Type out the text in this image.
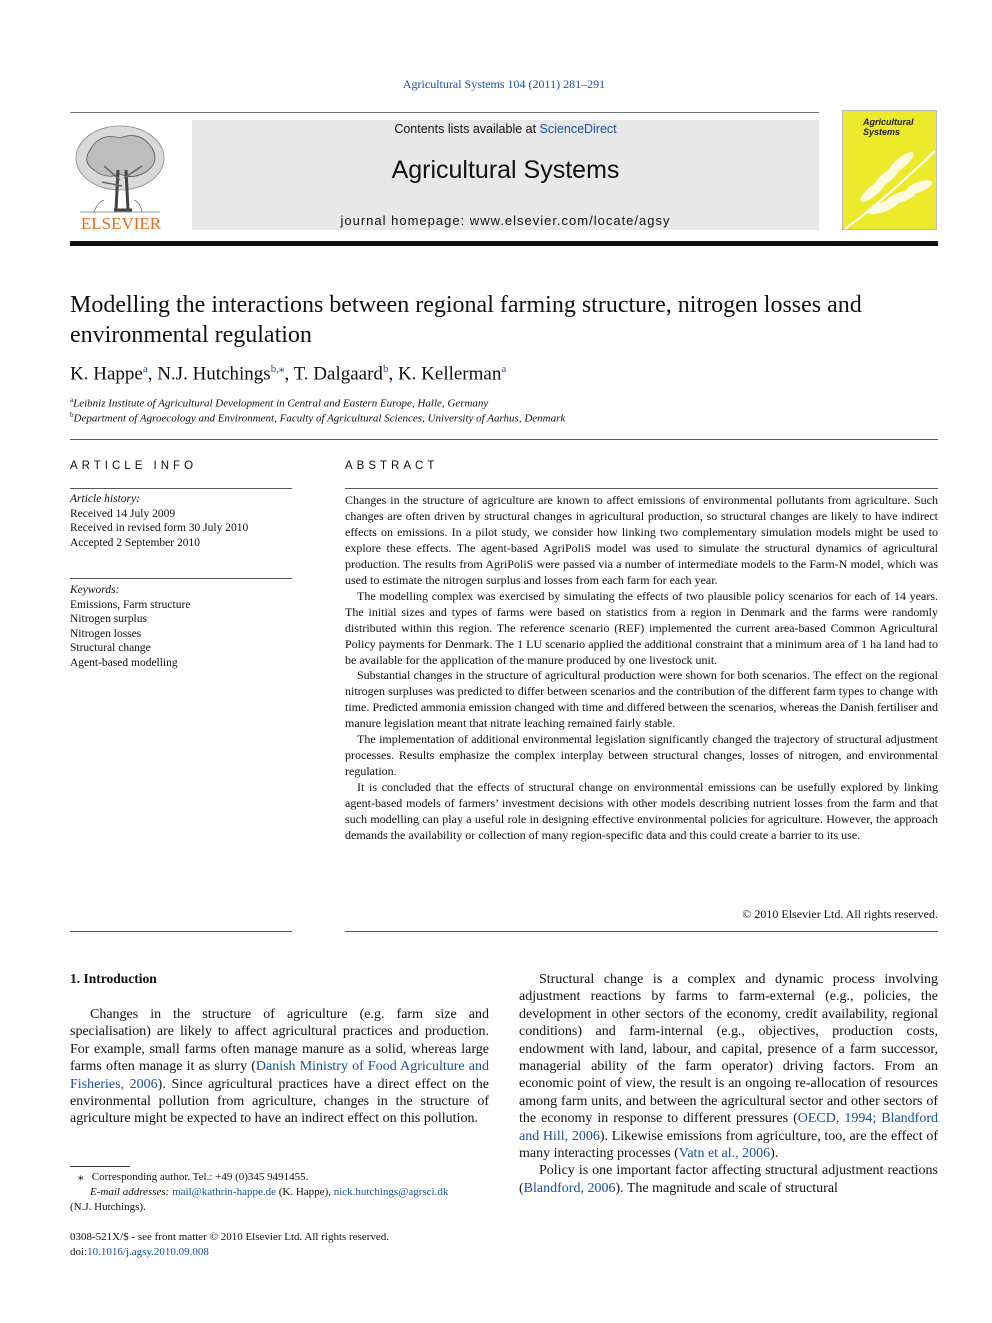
Agricultural Systems 104 (2011) 281–291
ELSEVIER
Contents lists available at ScienceDirect
Agricultural Systems
journal homepage: www.elsevier.com/locate/agsy
Agricultural
Systems
Modelling the interactions between regional farming structure, nitrogen losses and environmental regulation
K. Happe$^a$, N.J. Hutchings$^{b,⁎}$, T. Dalgaard$^b$, K. Kellerman$^a$
$^a$Leibniz Institute of Agricultural Development in Central and Eastern Europe, Halle, Germany
$^b$Department of Agroecology and Environment, Faculty of Agricultural Sciences, University of Aarhus, Denmark
ARTICLE INFO
Article history:
Received 14 July 2009
Received in revised form 30 July 2010
Accepted 2 September 2010
Keywords:
Emissions, Farm structure
Nitrogen surplus
Nitrogen losses
Structural change
Agent-based modelling
ABSTRACT

Changes in the structure of agriculture are known to affect emissions of environmental pollutants from agriculture. Such changes are often driven by structural changes in agricultural production, so structural changes are likely to have indirect effects on emissions. In a pilot study, we consider how linking two complementary simulation models might be used to explore these effects. The agent-based AgriPoliS model was used to simulate the structural dynamics of agricultural production. The results from AgriPoliS were passed via a number of intermediate models to the Farm-N model, which was used to estimate the nitrogen surplus and losses from each farm for each year.

The modelling complex was exercised by simulating the effects of two plausible policy scenarios for each of 14 years. The initial sizes and types of farms were based on statistics from a region in Denmark and the farms were randomly distributed within this region. The reference scenario (REF) implemented the current area-based Common Agricultural Policy payments for Denmark. The 1 LU scenario applied the additional constraint that a minimum area of 1 ha land had to be available for the application of the manure produced by one livestock unit.

Substantial changes in the structure of agricultural production were shown for both scenarios. The effect on the regional nitrogen surpluses was predicted to differ between scenarios and the contribution of the different farm types to change with time. Predicted ammonia emission changed with time and differed between the scenarios, whereas the Danish fertiliser and manure legislation meant that nitrate leaching remained fairly stable.

The implementation of additional environmental legislation significantly changed the trajectory of structural adjustment processes. Results emphasize the complex interplay between structural changes, losses of nitrogen, and environmental regulation.

It is concluded that the effects of structural change on environmental emissions can be usefully explored by linking agent-based models of farmers’ investment decisions with other models describing nutrient losses from the farm and that such modelling can play a useful role in designing effective environmental policies for agriculture. However, the approach demands the availability or collection of many region-specific data and this could create a barrier to its use.

© 2010 Elsevier Ltd. All rights reserved.
1. Introduction

Changes in the structure of agriculture (e.g. farm size and specialisation) are likely to affect agricultural practices and production. For example, small farms often manage manure as a solid, whereas large farms often manage it as slurry (Danish Ministry of Food Agriculture and Fisheries, 2006). Since agricultural practices have a direct effect on the environmental pollution from agriculture, changes in the structure of agriculture might be expected to have an indirect effect on this pollution.

Structural change is a complex and dynamic process involving adjustment reactions by farms to farm-external (e.g., policies, the development in other sectors of the economy, credit availability, regional conditions) and farm-internal (e.g., objectives, production costs, endowment with land, labour, and capital, presence of a farm successor, managerial ability of the farm operator) driving factors. From an economic point of view, the result is an ongoing re-allocation of resources among farm units, and between the agricultural sector and other sectors of the economy in response to different pressures (OECD, 1994; Blandford and Hill, 2006). Likewise emissions from agriculture, too, are the effect of many interacting processes (Vatn et al., 2006).

Policy is one important factor affecting structural adjustment reactions (Blandford, 2006). The magnitude and scale of structural

⁎ Corresponding author. Tel.: +49 (0)345 9491455.
E-mail addresses: mail@kathrin-happe.de (K. Happe), nick.hutchings@agrsci.dk
(N.J. Hutchings).
0308-521X/$ - see front matter © 2010 Elsevier Ltd. All rights reserved.
doi:10.1016/j.agsy.2010.09.008
